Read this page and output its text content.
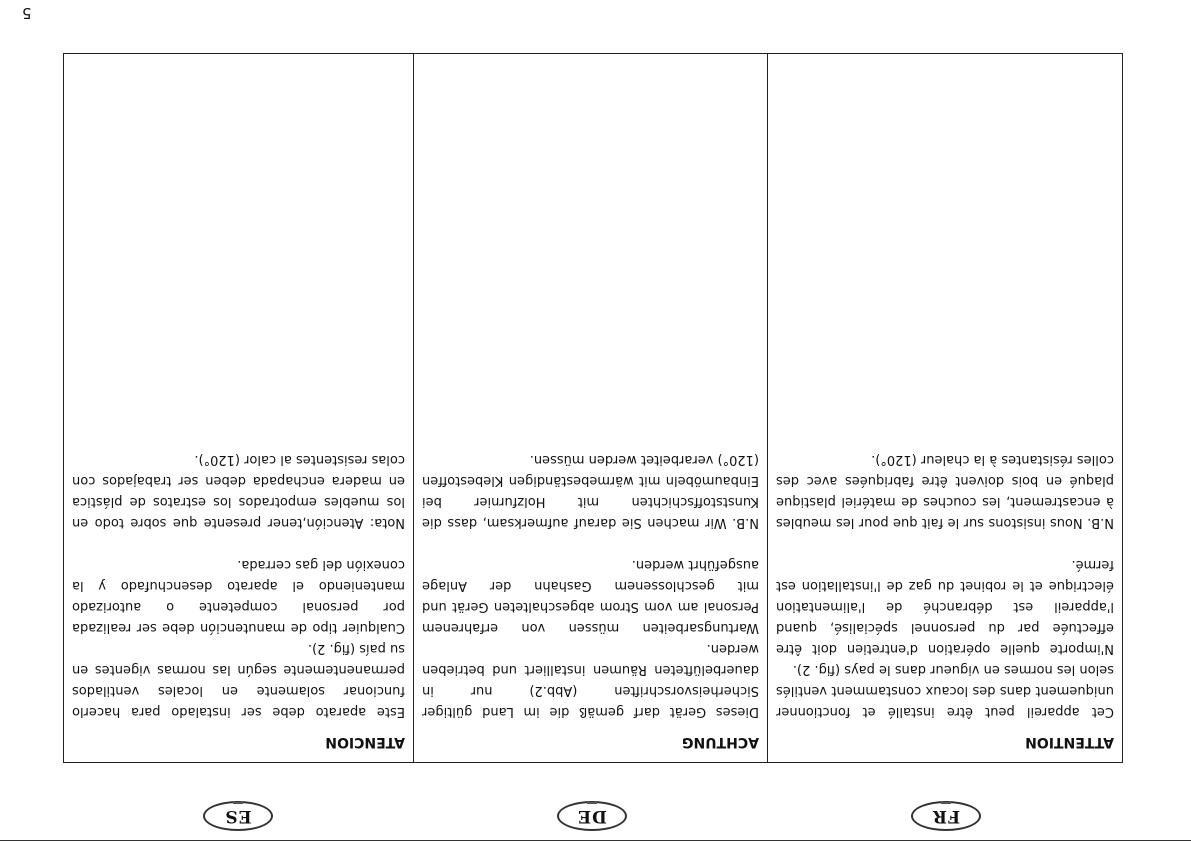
FR
DE
ES
ATTENTION

Cet appareil peut être installé et fonctionner uniquement dans des locaux constamment ventilés selon les normes en vigueur dans le pays (fig. 2).

N'importe quelle opération d'entretien doit être effectuée par du personnel spécialisé, quand l'appareil est débranché de l'alimentation électrique et le robinet du gaz de l'installation est fermé.

N.B. Nous insistons sur le fait que pour les meubles à encastrement, les couches de matériel plastique plaqué en bois doivent être fabriquées avec des colles résistantes à la chaleur (120°).

ACHTUNG

Dieses Gerät darf gemäß die im Land gültiger Sicherheisvorschriften (Abb.2) nur in dauerbelüfteten Räumen installiert und betrieben werden.

Wartungsarbeiten müssen von erfahrenem Personal am vom Strom abgeschalteten Gerät und mit geschlossenem Gashahn der Anlage ausgeführt werden.

N.B. Wir machen Sie darauf aufmerksam, dass die Kunststoffschichten mit Holzfurnier bei Einbaumöbeln mit wärmebeständigen Klebestoffen (120°) verarbeitet werden müssen.

ATENCION

Este aparato debe ser instalado para hacerlo funcionar solamente en locales ventilados permanentemente según las normas vigentes en su país (fig. 2).

Cualquier tipo de manutención debe ser realizada por personal competente o autorizado manteniendo el aparato desenchufado y la conexión del gas cerrada.

Nota: Atención,tener presente que sobre todo en los muebles empotrados los estratos de plástica en madera enchapada deben ser trabajados con colas resistentes al calor (120°).

5
